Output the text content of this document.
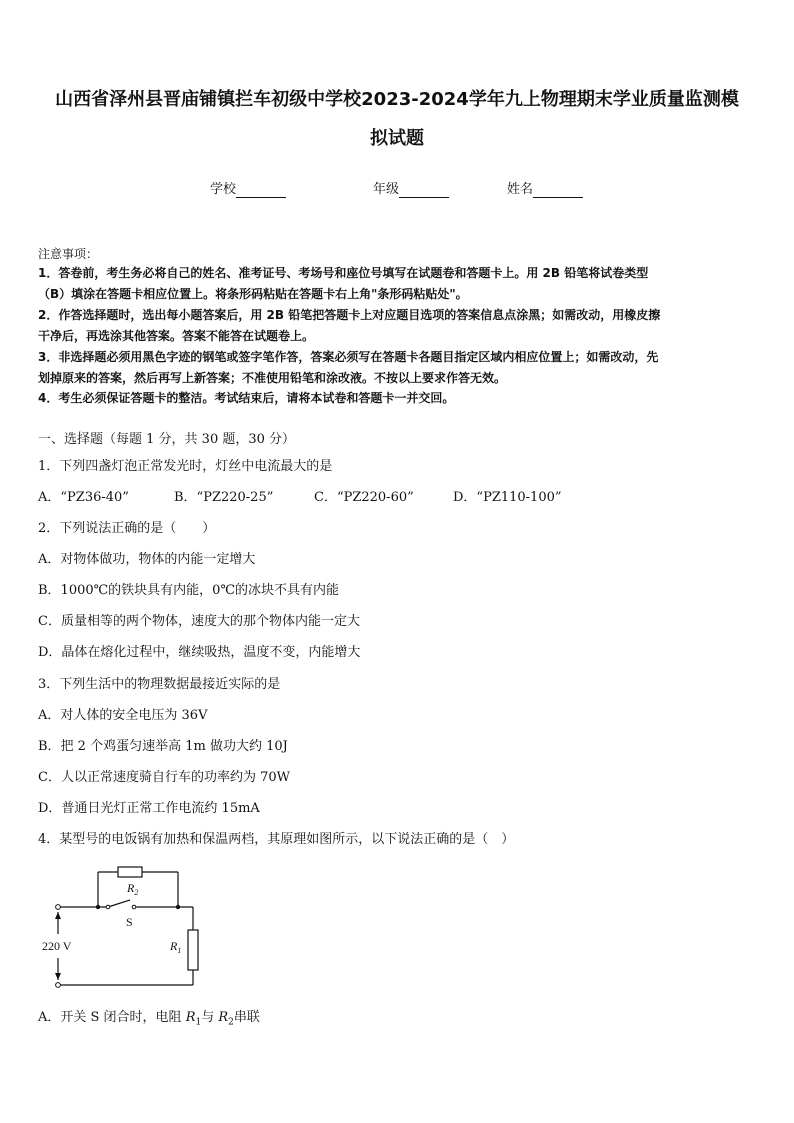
山西省泽州县晋庙铺镇拦车初级中学校2023-2024学年九上物理期末学业质量监测模
拟试题
学校	年级	姓名
注意事项：
1．答卷前，考生务必将自己的姓名、准考证号、考场号和座位号填写在试题卷和答题卡上。用 2B 铅笔将试卷类型
（B）填涂在答题卡相应位置上。将条形码粘贴在答题卡右上角"条形码粘贴处"。
2．作答选择题时，选出每小题答案后，用 2B 铅笔把答题卡上对应题目选项的答案信息点涂黑；如需改动，用橡皮擦
干净后，再选涂其他答案。答案不能答在试题卷上。
3．非选择题必须用黑色字迹的钢笔或签字笔作答，答案必须写在答题卡各题目指定区域内相应位置上；如需改动，先
划掉原来的答案，然后再写上新答案；不准使用铅笔和涂改液。不按以上要求作答无效。
4．考生必须保证答题卡的整洁。考试结束后，请将本试卷和答题卡一并交回。
一、选择题（每题 1 分，共 30 题，30 分）
1．下列四盏灯泡正常发光时，灯丝中电流最大的是
A．“PZ36-40”	B．“PZ220-25”	C．“PZ220-60”	D．“PZ110-100”
2．下列说法正确的是（　　）
A．对物体做功，物体的内能一定增大
B．1000℃的铁块具有内能，0℃的冰块不具有内能
C．质量相等的两个物体，速度大的那个物体内能一定大
D．晶体在熔化过程中，继续吸热，温度不变，内能增大
3．下列生活中的物理数据最接近实际的是
A．对人体的安全电压为 36V
B．把 2 个鸡蛋匀速举高 1m 做功大约 10J
C．人以正常速度骑自行车的功率约为 70W
D．普通日光灯正常工作电流约 15mA
4．某型号的电饭锅有加热和保温两档，其原理如图所示，以下说法正确的是（　）
220 V
$R_2$
S
$R_1$
A．开关 S 闭合时，电阻 $R_1$与 $R_2$串联
